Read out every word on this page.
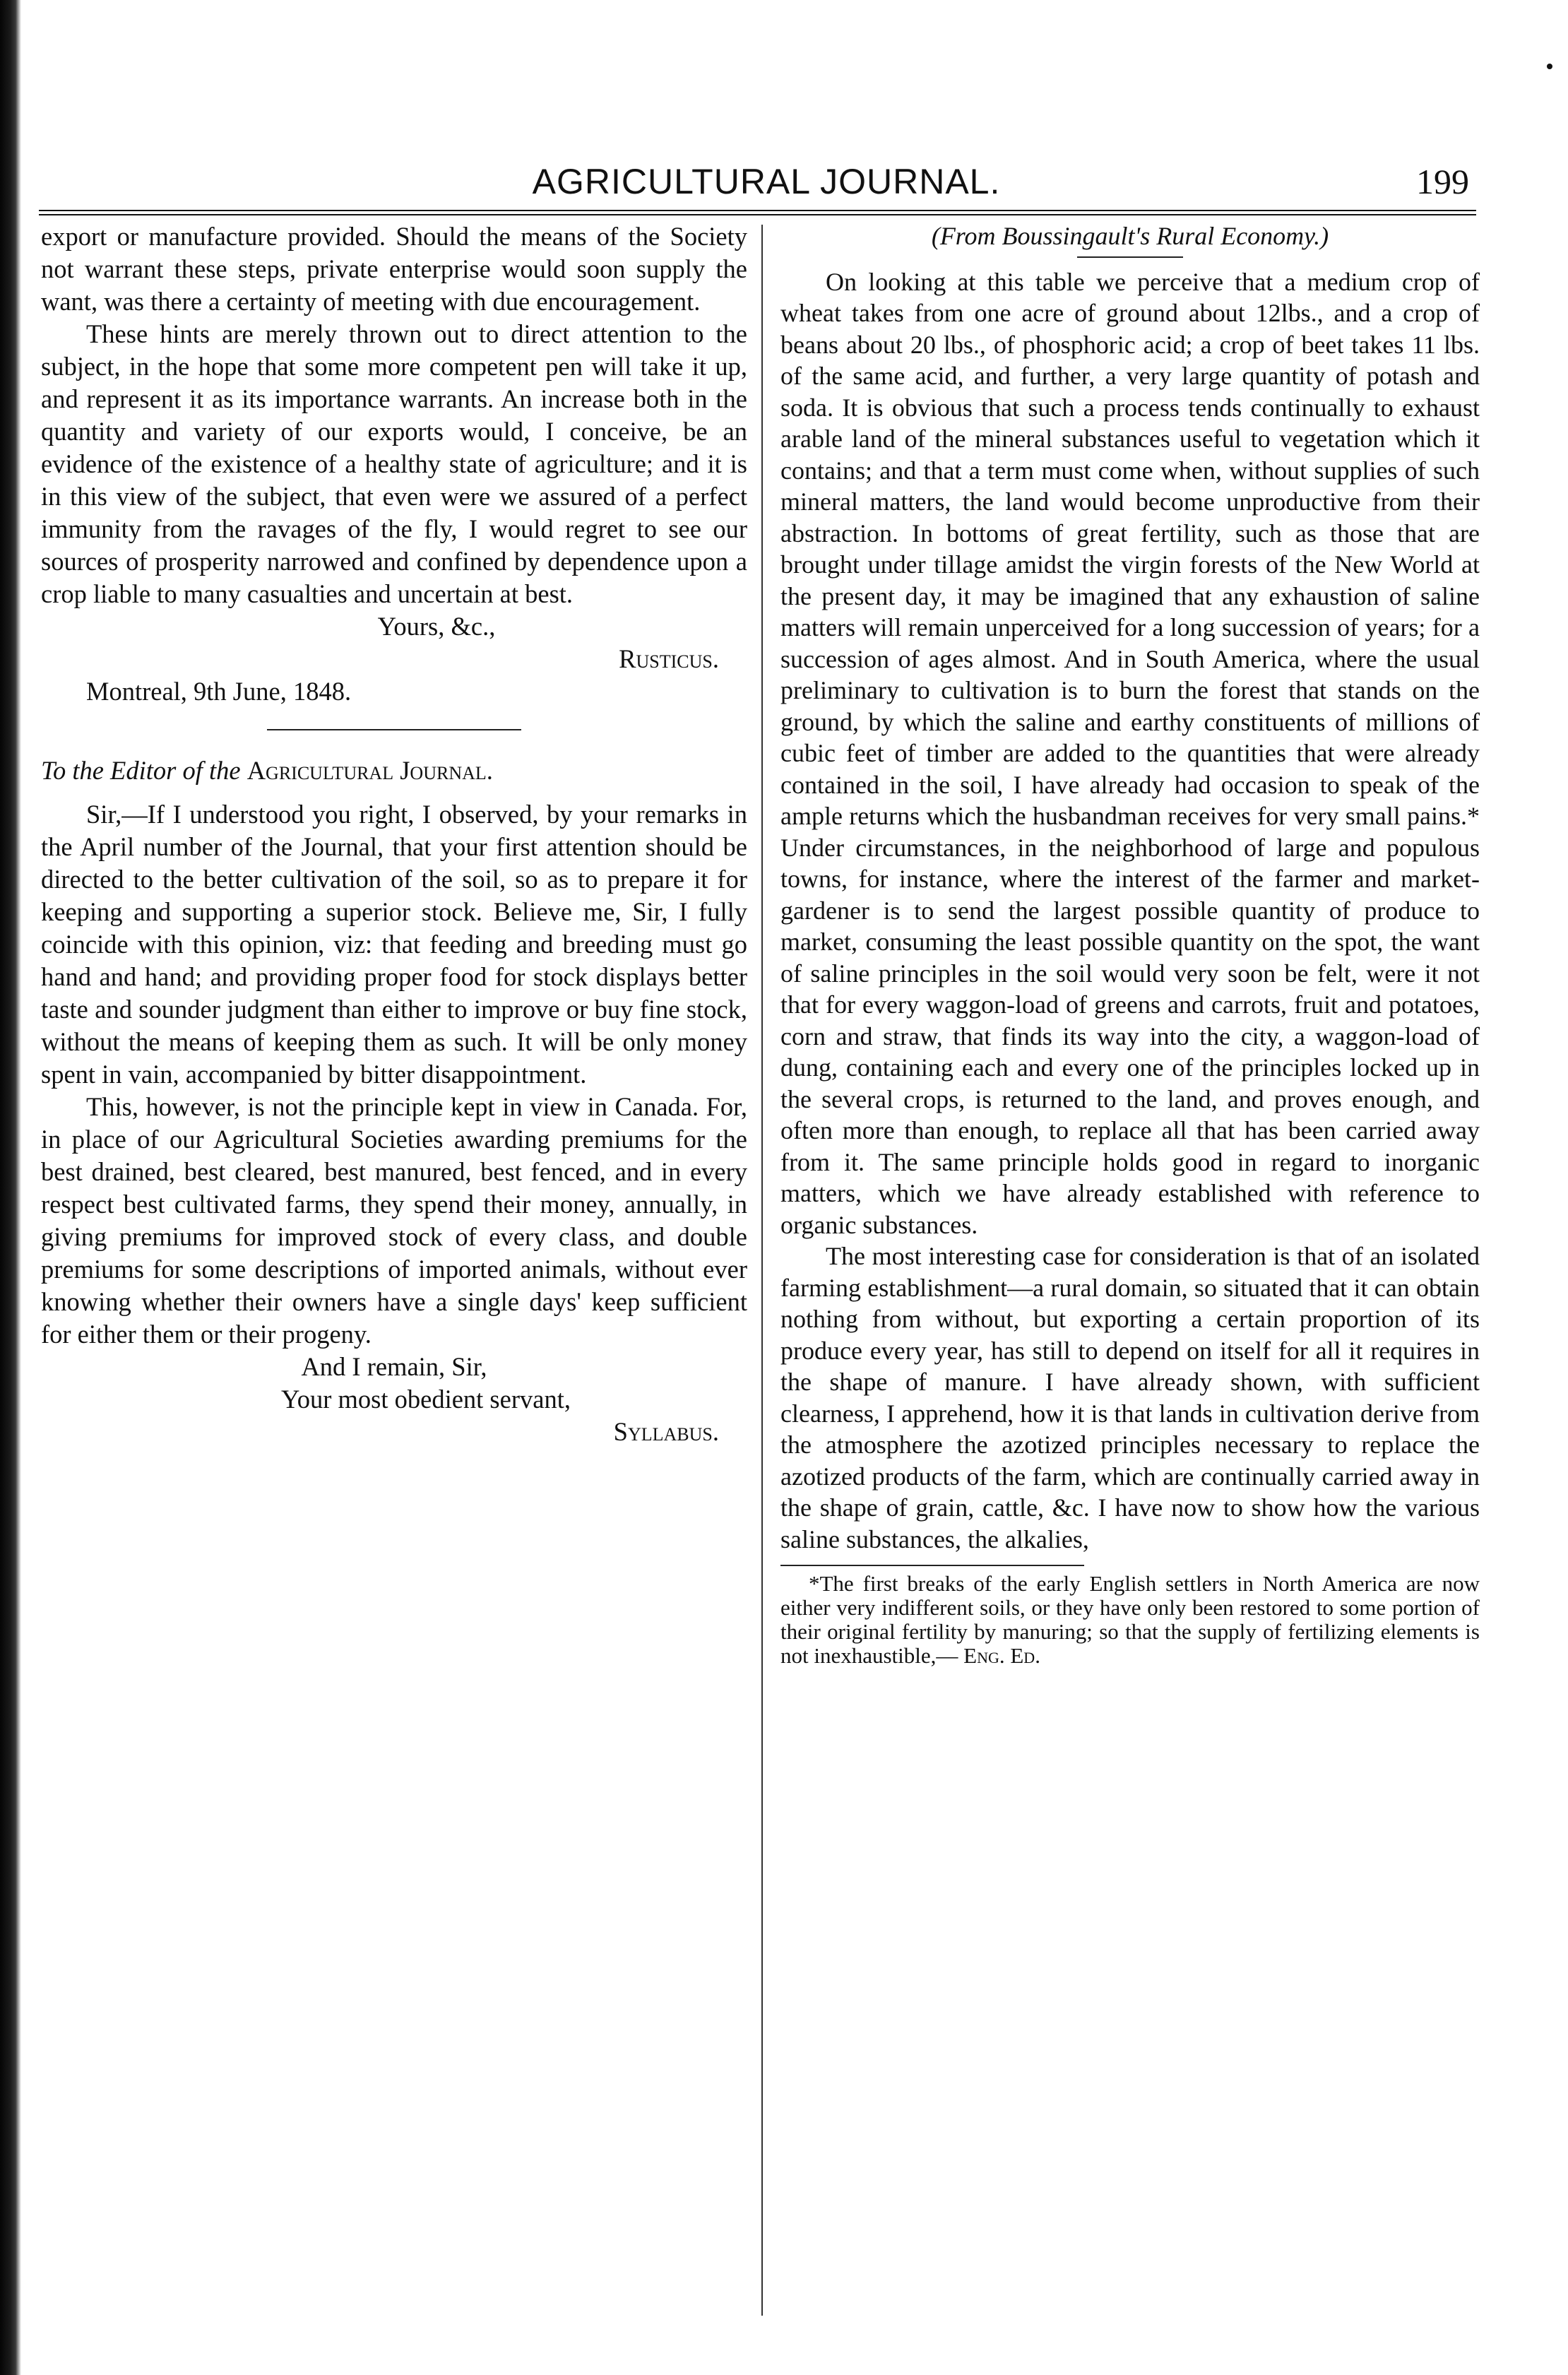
AGRICULTURAL JOURNAL.	199

export or manufacture provided. Should the means of the Society not warrant these steps, private enterprise would soon supply the want, was there a certainty of meeting with due encouragement.

These hints are merely thrown out to direct attention to the subject, in the hope that some more competent pen will take it up, and represent it as its importance warrants. An increase both in the quantity and variety of our exports would, I conceive, be an evidence of the existence of a healthy state of agriculture; and it is in this view of the subject, that even were we assured of a perfect immunity from the ravages of the fly, I would regret to see our sources of prosperity narrowed and confined by dependence upon a crop liable to many casualties and uncertain at best.

Yours, &c.,

Rusticus.

Montreal, 9th June, 1848.

To the Editor of the Agricultural Journal.

Sir,—If I understood you right, I observed, by your remarks in the April number of the Journal, that your first attention should be directed to the better cultivation of the soil, so as to prepare it for keeping and supporting a superior stock. Believe me, Sir, I fully coincide with this opinion, viz: that feeding and breeding must go hand and hand; and providing proper food for stock displays better taste and sounder judgment than either to improve or buy fine stock, without the means of keeping them as such. It will be only money spent in vain, accompanied by bitter disappointment.

This, however, is not the principle kept in view in Canada. For, in place of our Agricultural Societies awarding premiums for the best drained, best cleared, best manured, best fenced, and in every respect best cultivated farms, they spend their money, annually, in giving premiums for improved stock of every class, and double premiums for some descriptions of imported animals, without ever knowing whether their owners have a single days' keep sufficient for either them or their progeny.

And I remain, Sir,

Your most obedient servant,

Syllabus.

(From Boussingault's Rural Economy.)

On looking at this table we perceive that a medium crop of wheat takes from one acre of ground about 12lbs., and a crop of beans about 20 lbs., of phosphoric acid; a crop of beet takes 11 lbs. of the same acid, and further, a very large quantity of potash and soda. It is obvious that such a process tends continually to exhaust arable land of the mineral substances useful to vegetation which it contains; and that a term must come when, without supplies of such mineral matters, the land would become unproductive from their abstraction. In bottoms of great fertility, such as those that are brought under tillage amidst the virgin forests of the New World at the present day, it may be imagined that any exhaustion of saline matters will remain unperceived for a long succession of years; for a succession of ages almost. And in South America, where the usual preliminary to cultivation is to burn the forest that stands on the ground, by which the saline and earthy constituents of millions of cubic feet of timber are added to the quantities that were already contained in the soil, I have already had occasion to speak of the ample returns which the husbandman receives for very small pains.* Under circumstances, in the neighborhood of large and populous towns, for instance, where the interest of the farmer and market-gardener is to send the largest possible quantity of produce to market, consuming the least possible quantity on the spot, the want of saline principles in the soil would very soon be felt, were it not that for every waggon-load of greens and carrots, fruit and potatoes, corn and straw, that finds its way into the city, a waggon-load of dung, containing each and every one of the principles locked up in the several crops, is returned to the land, and proves enough, and often more than enough, to replace all that has been carried away from it. The same principle holds good in regard to inorganic matters, which we have already established with reference to organic substances.

The most interesting case for consideration is that of an isolated farming establishment—a rural domain, so situated that it can obtain nothing from without, but exporting a certain proportion of its produce every year, has still to depend on itself for all it requires in the shape of manure. I have already shown, with sufficient clearness, I apprehend, how it is that lands in cultivation derive from the atmosphere the azotized principles necessary to replace the azotized products of the farm, which are continually carried away in the shape of grain, cattle, &c. I have now to show how the various saline substances, the alkalies,

*The first breaks of the early English settlers in North America are now either very indifferent soils, or they have only been restored to some portion of their original fertility by manuring; so that the supply of fertilizing elements is not inexhaustible,— Eng. Ed.
